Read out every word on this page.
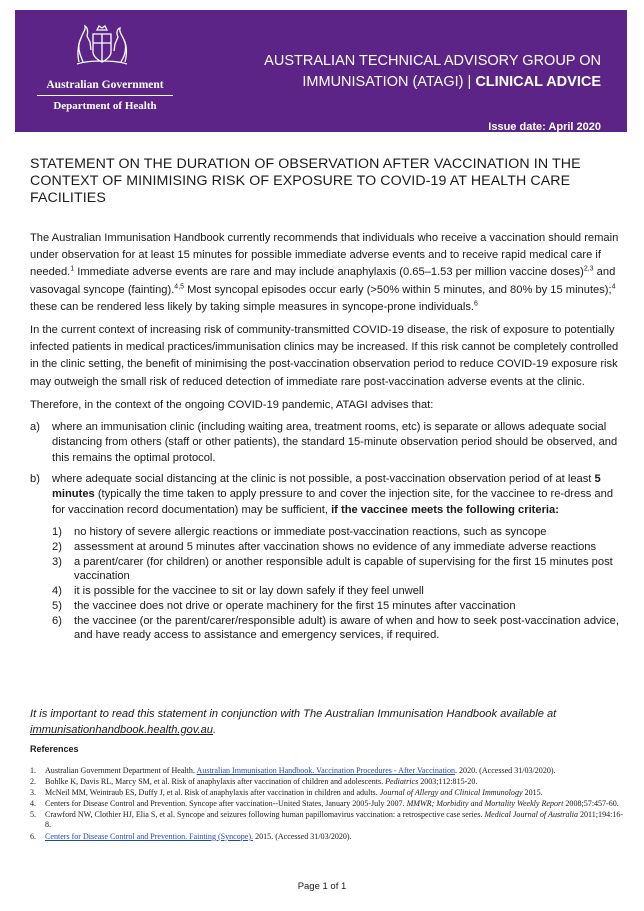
Australian Government
Department of Health
AUSTRALIAN TECHNICAL ADVISORY GROUP ON
IMMUNISATION (ATAGI) | CLINICAL ADVICE
Issue date: April 2020
STATEMENT ON THE DURATION OF OBSERVATION AFTER VACCINATION IN THE CONTEXT OF MINIMISING RISK OF EXPOSURE TO COVID-19 AT HEALTH CARE FACILITIES

The Australian Immunisation Handbook currently recommends that individuals who receive a vaccination should remain under observation for at least 15 minutes for possible immediate adverse events and to receive rapid medical care if needed.$^1$ Immediate adverse events are rare and may include anaphylaxis (0.65–1.53 per million vaccine doses)$^{2,3}$ and vasovagal syncope (fainting).$^{4,5}$ Most syncopal episodes occur early (>50% within 5 minutes, and 80% by 15 minutes);$^4$ these can be rendered less likely by taking simple measures in syncope-prone individuals.$^6$

In the current context of increasing risk of community-transmitted COVID-19 disease, the risk of exposure to potentially infected patients in medical practices/immunisation clinics may be increased. If this risk cannot be completely controlled in the clinic setting, the benefit of minimising the post-vaccination observation period to reduce COVID-19 exposure risk may outweigh the small risk of reduced detection of immediate rare post-vaccination adverse events at the clinic.

Therefore, in the context of the ongoing COVID-19 pandemic, ATAGI advises that:

a) where an immunisation clinic (including waiting area, treatment rooms, etc) is separate or allows adequate social distancing from others (staff or other patients), the standard 15-minute observation period should be observed, and this remains the optimal protocol.
b) where adequate social distancing at the clinic is not possible, a post-vaccination observation period of at least 5 minutes (typically the time taken to apply pressure to and cover the injection site, for the vaccinee to re-dress and for vaccination record documentation) may be sufficient, if the vaccinee meets the following criteria:
1) no history of severe allergic reactions or immediate post-vaccination reactions, such as syncope
2) assessment at around 5 minutes after vaccination shows no evidence of any immediate adverse reactions
3) a parent/carer (for children) or another responsible adult is capable of supervising for the first 15 minutes post vaccination
4) it is possible for the vaccinee to sit or lay down safely if they feel unwell
5) the vaccinee does not drive or operate machinery for the first 15 minutes after vaccination
6) the vaccinee (or the parent/carer/responsible adult) is aware of when and how to seek post-vaccination advice, and have ready access to assistance and emergency services, if required.
It is important to read this statement in conjunction with The Australian Immunisation Handbook available at
immunisationhandbook.health.gov.au.
References
1. Australian Government Department of Health. Australian Immunisation Handbook. Vaccination Procedures - After Vaccination. 2020. (Accessed 31/03/2020).
2. Bohlke K, Davis RL, Marcy SM, et al. Risk of anaphylaxis after vaccination of children and adolescents. Pediatrics 2003;112:815-20.
3. McNeil MM, Weintraub ES, Duffy J, et al. Risk of anaphylaxis after vaccination in children and adults. Journal of Allergy and Clinical Immunology 2015.
4. Centers for Disease Control and Prevention. Syncope after vaccination--United States, January 2005-July 2007. MMWR; Morbidity and Mortality Weekly Report 2008;57:457-60.
5. Crawford NW, Clothier HJ, Elia S, et al. Syncope and seizures following human papillomavirus vaccination: a retrospective case series. Medical Journal of Australia 2011;194:16-8.
6. Centers for Disease Control and Prevention. Fainting (Syncope). 2015. (Accessed 31/03/2020).
Page 1 of 1
